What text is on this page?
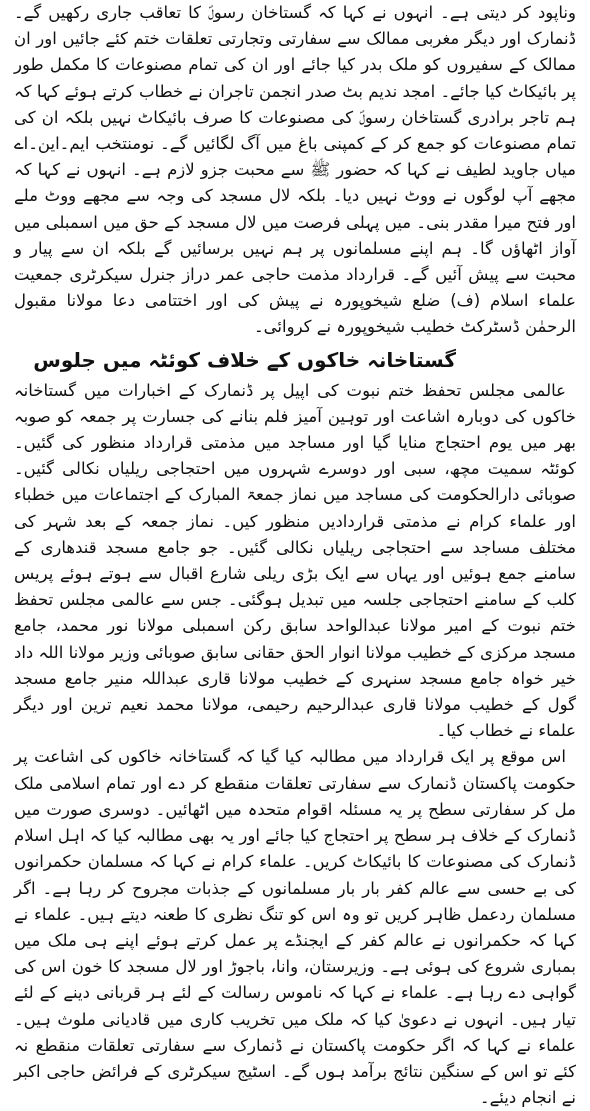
وناپود کر دیتی ہے۔ انہوں نے کہا کہ گستاخان رسولؐ کا تعاقب جاری رکھیں گے۔ ڈنمارک اور دیگر مغربی ممالک سے سفارتی وتجارتی تعلقات ختم کئے جائیں اور ان ممالک کے سفیروں کو ملک بدر کیا جائے اور ان کی تمام مصنوعات کا مکمل طور پر بائیکاٹ کیا جائے۔ امجد ندیم بٹ صدر انجمن تاجران نے خطاب کرتے ہوئے کہا کہ ہم تاجر برادری گستاخان رسولؐ کی مصنوعات کا صرف بائیکاٹ نہیں بلکہ ان کی تمام مصنوعات کو جمع کر کے کمپنی باغ میں آگ لگائیں گے۔ نومنتخب ایم۔این۔اے میاں جاوید لطیف نے کہا کہ حضور ﷺ سے محبت جزو لازم ہے۔ انہوں نے کہا کہ مجھے آپ لوگوں نے ووٹ نہیں دیا۔ بلکہ لال مسجد کی وجہ سے مجھے ووٹ ملے اور فتح میرا مقدر بنی۔ میں پہلی فرصت میں لال مسجد کے حق میں اسمبلی میں آواز اٹھاؤں گا۔ ہم اپنے مسلمانوں پر ہم نہیں برسائیں گے بلکہ ان سے پیار و محبت سے پیش آئیں گے۔ قرارداد مذمت حاجی عمر دراز جنرل سیکرٹری جمعیت علماء اسلام (ف) ضلع شیخوپورہ نے پیش کی اور اختتامی دعا مولانا مقبول الرحمٰن ڈسٹرکٹ خطیب شیخوپورہ نے کروائی۔

گستاخانہ خاکوں کے خلاف کوئٹہ میں جلوس

عالمی مجلس تحفظ ختم نبوت کی اپیل پر ڈنمارک کے اخبارات میں گستاخانہ خاکوں کی دوبارہ اشاعت اور توہین آمیز فلم بنانے کی جسارت پر جمعہ کو صوبہ بھر میں یوم احتجاج منایا گیا اور مساجد میں مذمتی قرارداد منظور کی گئیں۔ کوئٹہ سمیت مچھ، سبی اور دوسرے شہروں میں احتجاجی ریلیاں نکالی گئیں۔ صوبائی دارالحکومت کی مساجد میں نماز جمعۃ المبارک کے اجتماعات میں خطباء اور علماء کرام نے مذمتی قراردادیں منظور کیں۔ نماز جمعہ کے بعد شہر کی مختلف مساجد سے احتجاجی ریلیاں نکالی گئیں۔ جو جامع مسجد قندھاری کے سامنے جمع ہوئیں اور یہاں سے ایک بڑی ریلی شارع اقبال سے ہوتے ہوئے پریس کلب کے سامنے احتجاجی جلسہ میں تبدیل ہوگئی۔ جس سے عالمی مجلس تحفظ ختم نبوت کے امیر مولانا عبدالواحد سابق رکن اسمبلی مولانا نور محمد، جامع مسجد مرکزی کے خطیب مولانا انوار الحق حقانی سابق صوبائی وزیر مولانا اللہ داد خیر خواہ جامع مسجد سنہری کے خطیب مولانا قاری عبداللہ منیر جامع مسجد گول کے خطیب مولانا قاری عبدالرحیم رحیمی، مولانا محمد نعیم ترین اور دیگر علماء نے خطاب کیا۔

اس موقع پر ایک قرارداد میں مطالبہ کیا گیا کہ گستاخانہ خاکوں کی اشاعت پر حکومت پاکستان ڈنمارک سے سفارتی تعلقات منقطع کر دے اور تمام اسلامی ملک مل کر سفارتی سطح پر یہ مسئلہ اقوام متحدہ میں اٹھائیں۔ دوسری صورت میں ڈنمارک کے خلاف ہر سطح پر احتجاج کیا جائے اور یہ بھی مطالبہ کیا کہ اہل اسلام ڈنمارک کی مصنوعات کا بائیکاٹ کریں۔ علماء کرام نے کہا کہ مسلمان حکمرانوں کی بے حسی سے عالم کفر بار بار مسلمانوں کے جذبات مجروح کر رہا ہے۔ اگر مسلمان ردعمل ظاہر کریں تو وہ اس کو تنگ نظری کا طعنہ دیتے ہیں۔ علماء نے کہا کہ حکمرانوں نے عالم کفر کے ایجنڈے پر عمل کرتے ہوئے اپنے ہی ملک میں بمباری شروع کی ہوئی ہے۔ وزیرستان، وانا، باجوڑ اور لال مسجد کا خون اس کی گواہی دے رہا ہے۔ علماء نے کہا کہ ناموس رسالت کے لئے ہر قربانی دینے کے لئے تیار ہیں۔ انہوں نے دعویٰ کیا کہ ملک میں تخریب کاری میں قادیانی ملوث ہیں۔ علماء نے کہا کہ اگر حکومت پاکستان نے ڈنمارک سے سفارتی تعلقات منقطع نہ کئے تو اس کے سنگین نتائج برآمد ہوں گے۔ اسٹیج سیکرٹری کے فرائض حاجی اکبر نے انجام دیئے۔
